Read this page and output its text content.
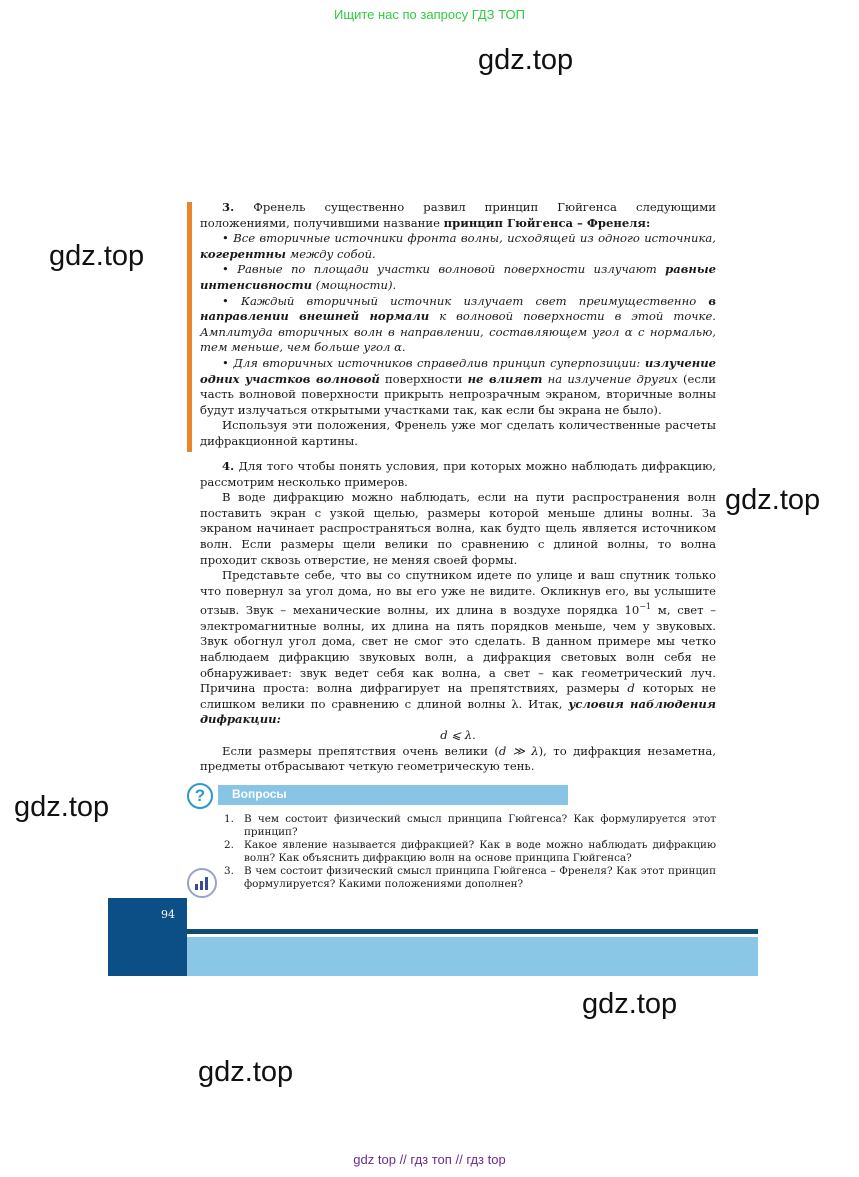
Ищите нас по запросу ГДЗ ТОП
gdz.top
gdz.top
gdz.top
gdz.top
gdz.top
gdz.top

3. Френель существенно развил принцип Гюйгенса следующими положениями, получившими название принцип Гюйгенса – Френеля:

• Все вторичные источники фронта волны, исходящей из одного источника, когерентны между собой.

• Равные по площади участки волновой поверхности излучают равные интенсивности (мощности).

• Каждый вторичный источник излучает свет преимущественно в направлении внешней нормали к волновой поверхности в этой точке. Амплитуда вторичных волн в направлении, составляющем угол α с нормалью, тем меньше, чем больше угол α.

• Для вторичных источников справедлив принцип суперпозиции: излучение одних участков волновой поверхности не влияет на излучение других (если часть волновой поверхности прикрыть непрозрачным экраном, вторичные волны будут излучаться открытыми участками так, как если бы экрана не было).

Используя эти положения, Френель уже мог сделать количественные расчеты дифракционной картины.

4. Для того чтобы понять условия, при которых можно наблюдать дифракцию, рассмотрим несколько примеров.

В воде дифракцию можно наблюдать, если на пути распространения волн поставить экран с узкой щелью, размеры которой меньше длины волны. За экраном начинает распространяться волна, как будто щель является источником волн. Если размеры щели велики по сравнению с длиной волны, то волна проходит сквозь отверстие, не меняя своей формы.

Представьте себе, что вы со спутником идете по улице и ваш спутник только что повернул за угол дома, но вы его уже не видите. Окликнув его, вы услышите отзыв. Звук – механические волны, их длина в воздухе порядка $10^{-1}$ м, свет – электромагнитные волны, их длина на пять порядков меньше, чем у звуковых. Звук обогнул угол дома, свет не смог это сделать. В данном примере мы четко наблюдаем дифракцию звуковых волн, а дифракция световых волн себя не обнаруживает: звук ведет себя как волна, а свет – как геометрический луч. Причина проста: волна дифрагирует на препятствиях, размеры d которых не слишком велики по сравнению с длиной волны λ. Итак, условия наблюдения дифракции:

d ⩽ λ.

Если размеры препятствия очень велики (d ≫ λ), то дифракция незаметна, предметы отбрасывают четкую геометрическую тень.

?	Вопросы
1. В чем состоит физический смысл принципа Гюйгенса? Как формулируется этот принцип?
2. Какое явление называется дифракцией? Как в воде можно наблюдать дифракцию волн? Как объяснить дифракцию волн на основе принципа Гюйгенса?
3. В чем состоит физический смысл принципа Гюйгенса – Френеля? Как этот принцип формулируется? Какими положениями дополнен?
94
gdz top // гдз топ // гдз top
